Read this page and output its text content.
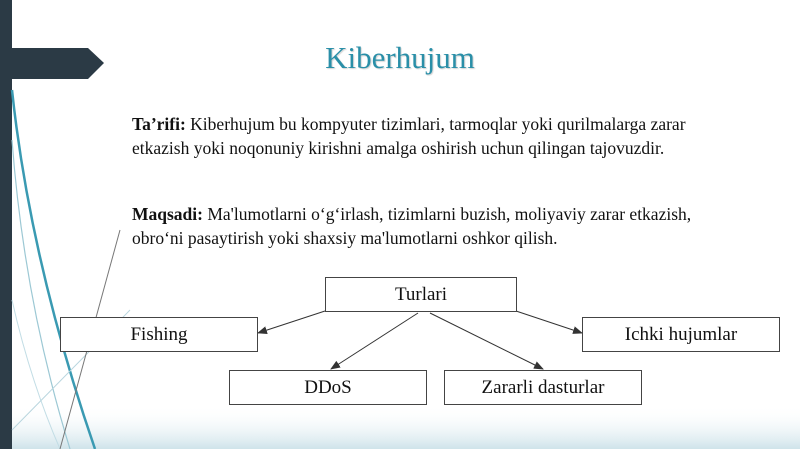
Kiberhujum
Ta’rifi: Kiberhujum bu kompyuter tizimlari, tarmoqlar yoki qurilmalarga zarar etkazish yoki noqonuniy kirishni amalga oshirish uchun qilingan tajovuzdir.
Maqsadi: Ma'lumotlarni o‘g‘irlash, tizimlarni buzish, moliyaviy zarar etkazish, obro‘ni pasaytirish yoki shaxsiy ma'lumotlarni oshkor qilish.
Turlari
Fishing	Ichki hujumlar
DDoS	Zararli dasturlar
